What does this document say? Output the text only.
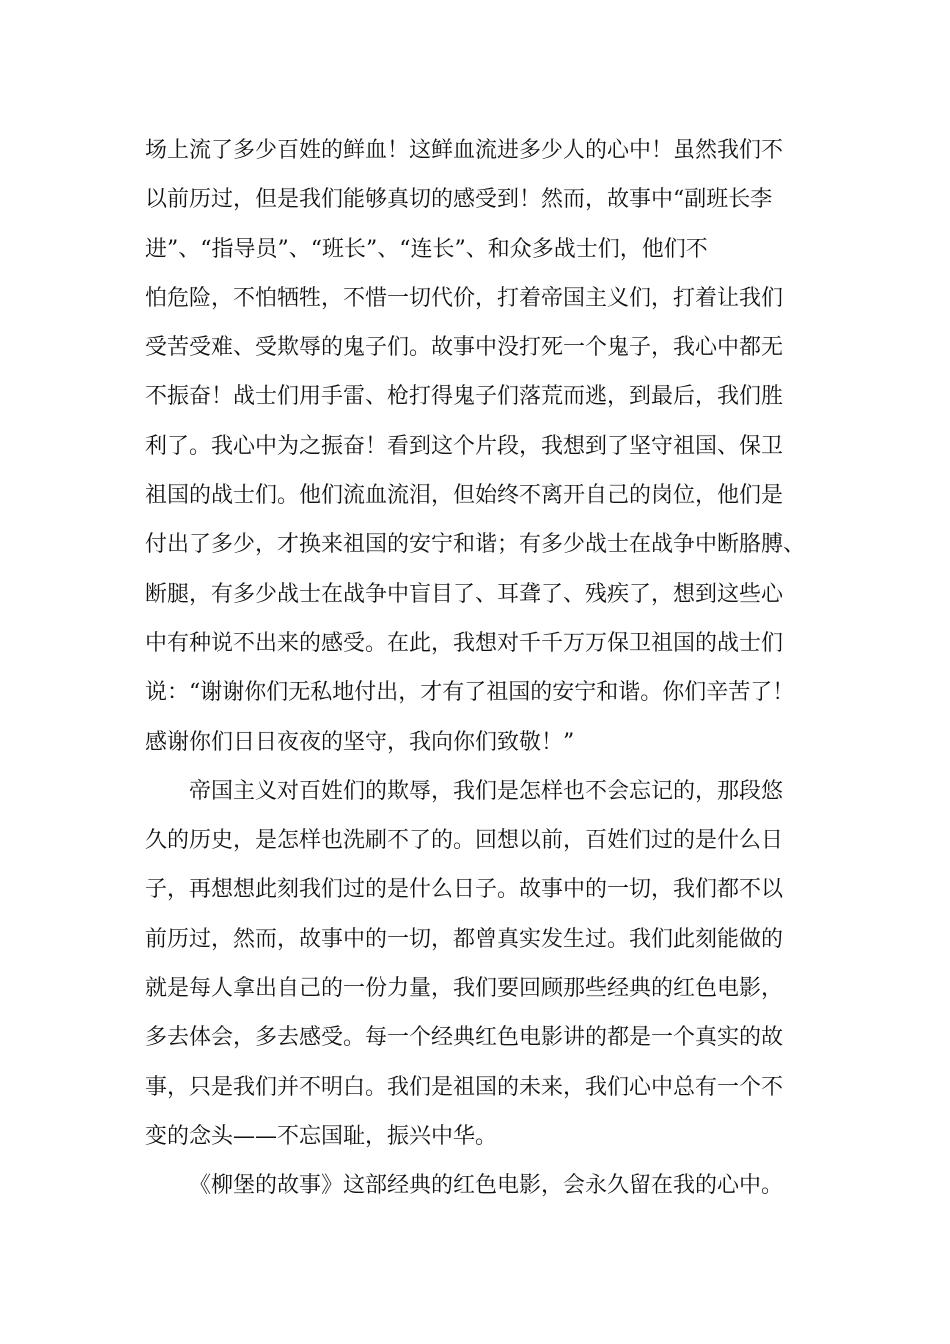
场上流了多少百姓的鲜血！这鲜血流进多少人的心中！虽然我们不
以前历过，但是我们能够真切的感受到！然而，故事中“副班长李
进”、“指导员”、“班长”、“连长”、和众多战士们，他们不
怕危险，不怕牺牲，不惜一切代价，打着帝国主义们，打着让我们
受苦受难、受欺辱的鬼子们。故事中没打死一个鬼子，我心中都无
不振奋！战士们用手雷、枪打得鬼子们落荒而逃，到最后，我们胜
利了。我心中为之振奋！看到这个片段，我想到了坚守祖国、保卫
祖国的战士们。他们流血流泪，但始终不离开自己的岗位，他们是
付出了多少，才换来祖国的安宁和谐；有多少战士在战争中断胳膊、
断腿，有多少战士在战争中盲目了、耳聋了、残疾了，想到这些心
中有种说不出来的感受。在此，我想对千千万万保卫祖国的战士们
说：“谢谢你们无私地付出，才有了祖国的安宁和谐。你们辛苦了！
感谢你们日日夜夜的坚守，我向你们致敬！”
帝国主义对百姓们的欺辱，我们是怎样也不会忘记的，那段悠
久的历史，是怎样也洗刷不了的。回想以前，百姓们过的是什么日
子，再想想此刻我们过的是什么日子。故事中的一切，我们都不以
前历过，然而，故事中的一切，都曾真实发生过。我们此刻能做的
就是每人拿出自己的一份力量，我们要回顾那些经典的红色电影，
多去体会，多去感受。每一个经典红色电影讲的都是一个真实的故
事，只是我们并不明白。我们是祖国的未来，我们心中总有一个不
变的念头——不忘国耻，振兴中华。
《柳堡的故事》这部经典的红色电影，会永久留在我的心中。
